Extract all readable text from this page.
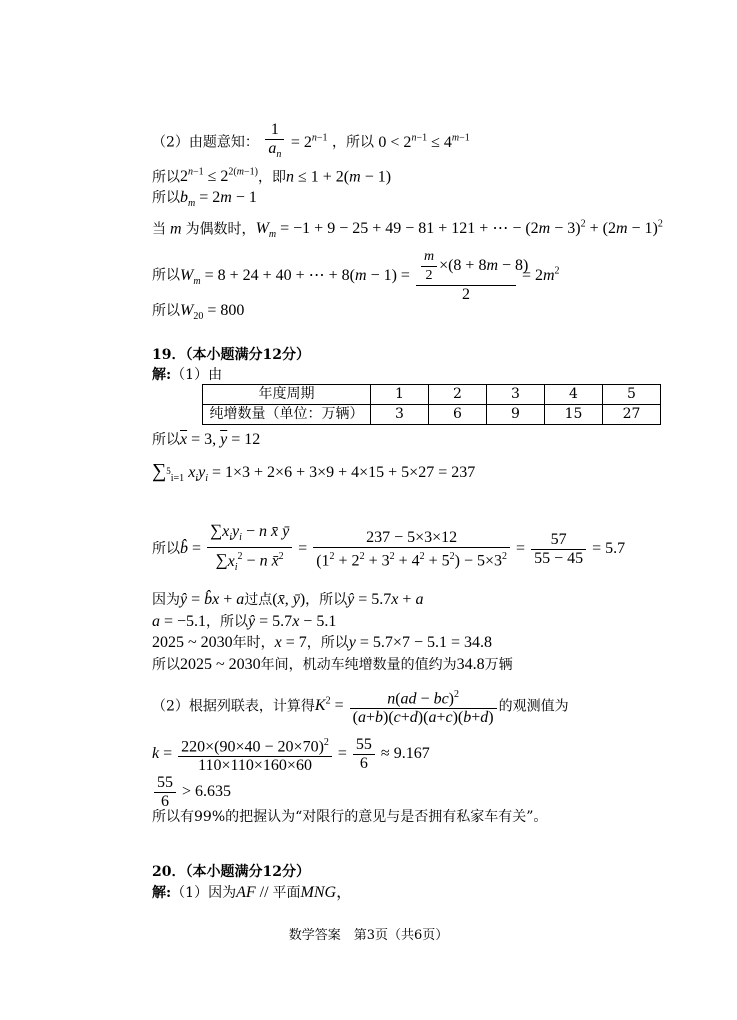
（2）由题意知： $\frac{1}{a_n} = 2^{n-1}$ ，所以 $0 < 2^{n-1} \le 4^{m-1}$
所以$2^{n-1} \le 2^{2(m-1)}$，即n ≤ 1 + 2(m − 1)
所以$b_m = 2m - 1$
当 m 为偶数时，$W_m = -1 + 9 - 25 + 49 - 81 + 121$ + ⋯ − $(2m - 3)^2 + (2m - 1)^2$
所以$W_m = 8 + 24 + 40$ + ⋯ + $8(m - 1) = \frac{\frac{m}{2} \times(8 + 8m - 8)}{2} = 2m^2$
所以$W_{20} = 800$
19．（本小题满分12分）
解:（1）由
年度周期	1	2	3	4	5
纯增数量（单位：万辆）	3	6	9	15	27
所以$\overline{x} = 3$, $\overline{y} = 12$
∑$^5_{i=1}$ $x_iy_i = 1\times 3 + 2\times 6 + 3\times 9 + 4\times 15 + 5\times 27 = 237$
所以b̂ = $\frac{\sum x_iy_i - n x̄ ȳ}{\sum x_i^2 - n x̄^2} = \frac{237 - 5\times 3\times 12}{(1^2 + 2^2 + 3^2 + 4^2 + 5^2) - 5\times 3^2} = \frac{57}{55 - 45} = 5.7$
因为ŷ = b̂x + a过点(x̄, ȳ)，所以ŷ = 5.7x + a
a = −5.1，所以ŷ = 5.7x − 5.1
2025 ~ 2030年时，x = 7，所以y = 5.7×7 − 5.1 = 34.8
所以2025 ~ 2030年间，机动车纯增数量的值约为34.8万辆
（2）根据列联表，计算得$K^2 = \frac{n(ad - bc)^2}{(a+b)(c+d)(a+c)(b+d)}$ 的观测值为
$k = \frac{220\times(90\times 40 - 20\times 70)^2}{110\times 110\times 160\times 60} = \frac{55}{6} \approx 9.167$
$\frac{55}{6} > 6.635$
所以有99%的把握认为“对限行的意见与是否拥有私家车有关”。
20．（本小题满分12分）
解:（1）因为AF // 平面MNG，
数学答案　第3页（共6页）
